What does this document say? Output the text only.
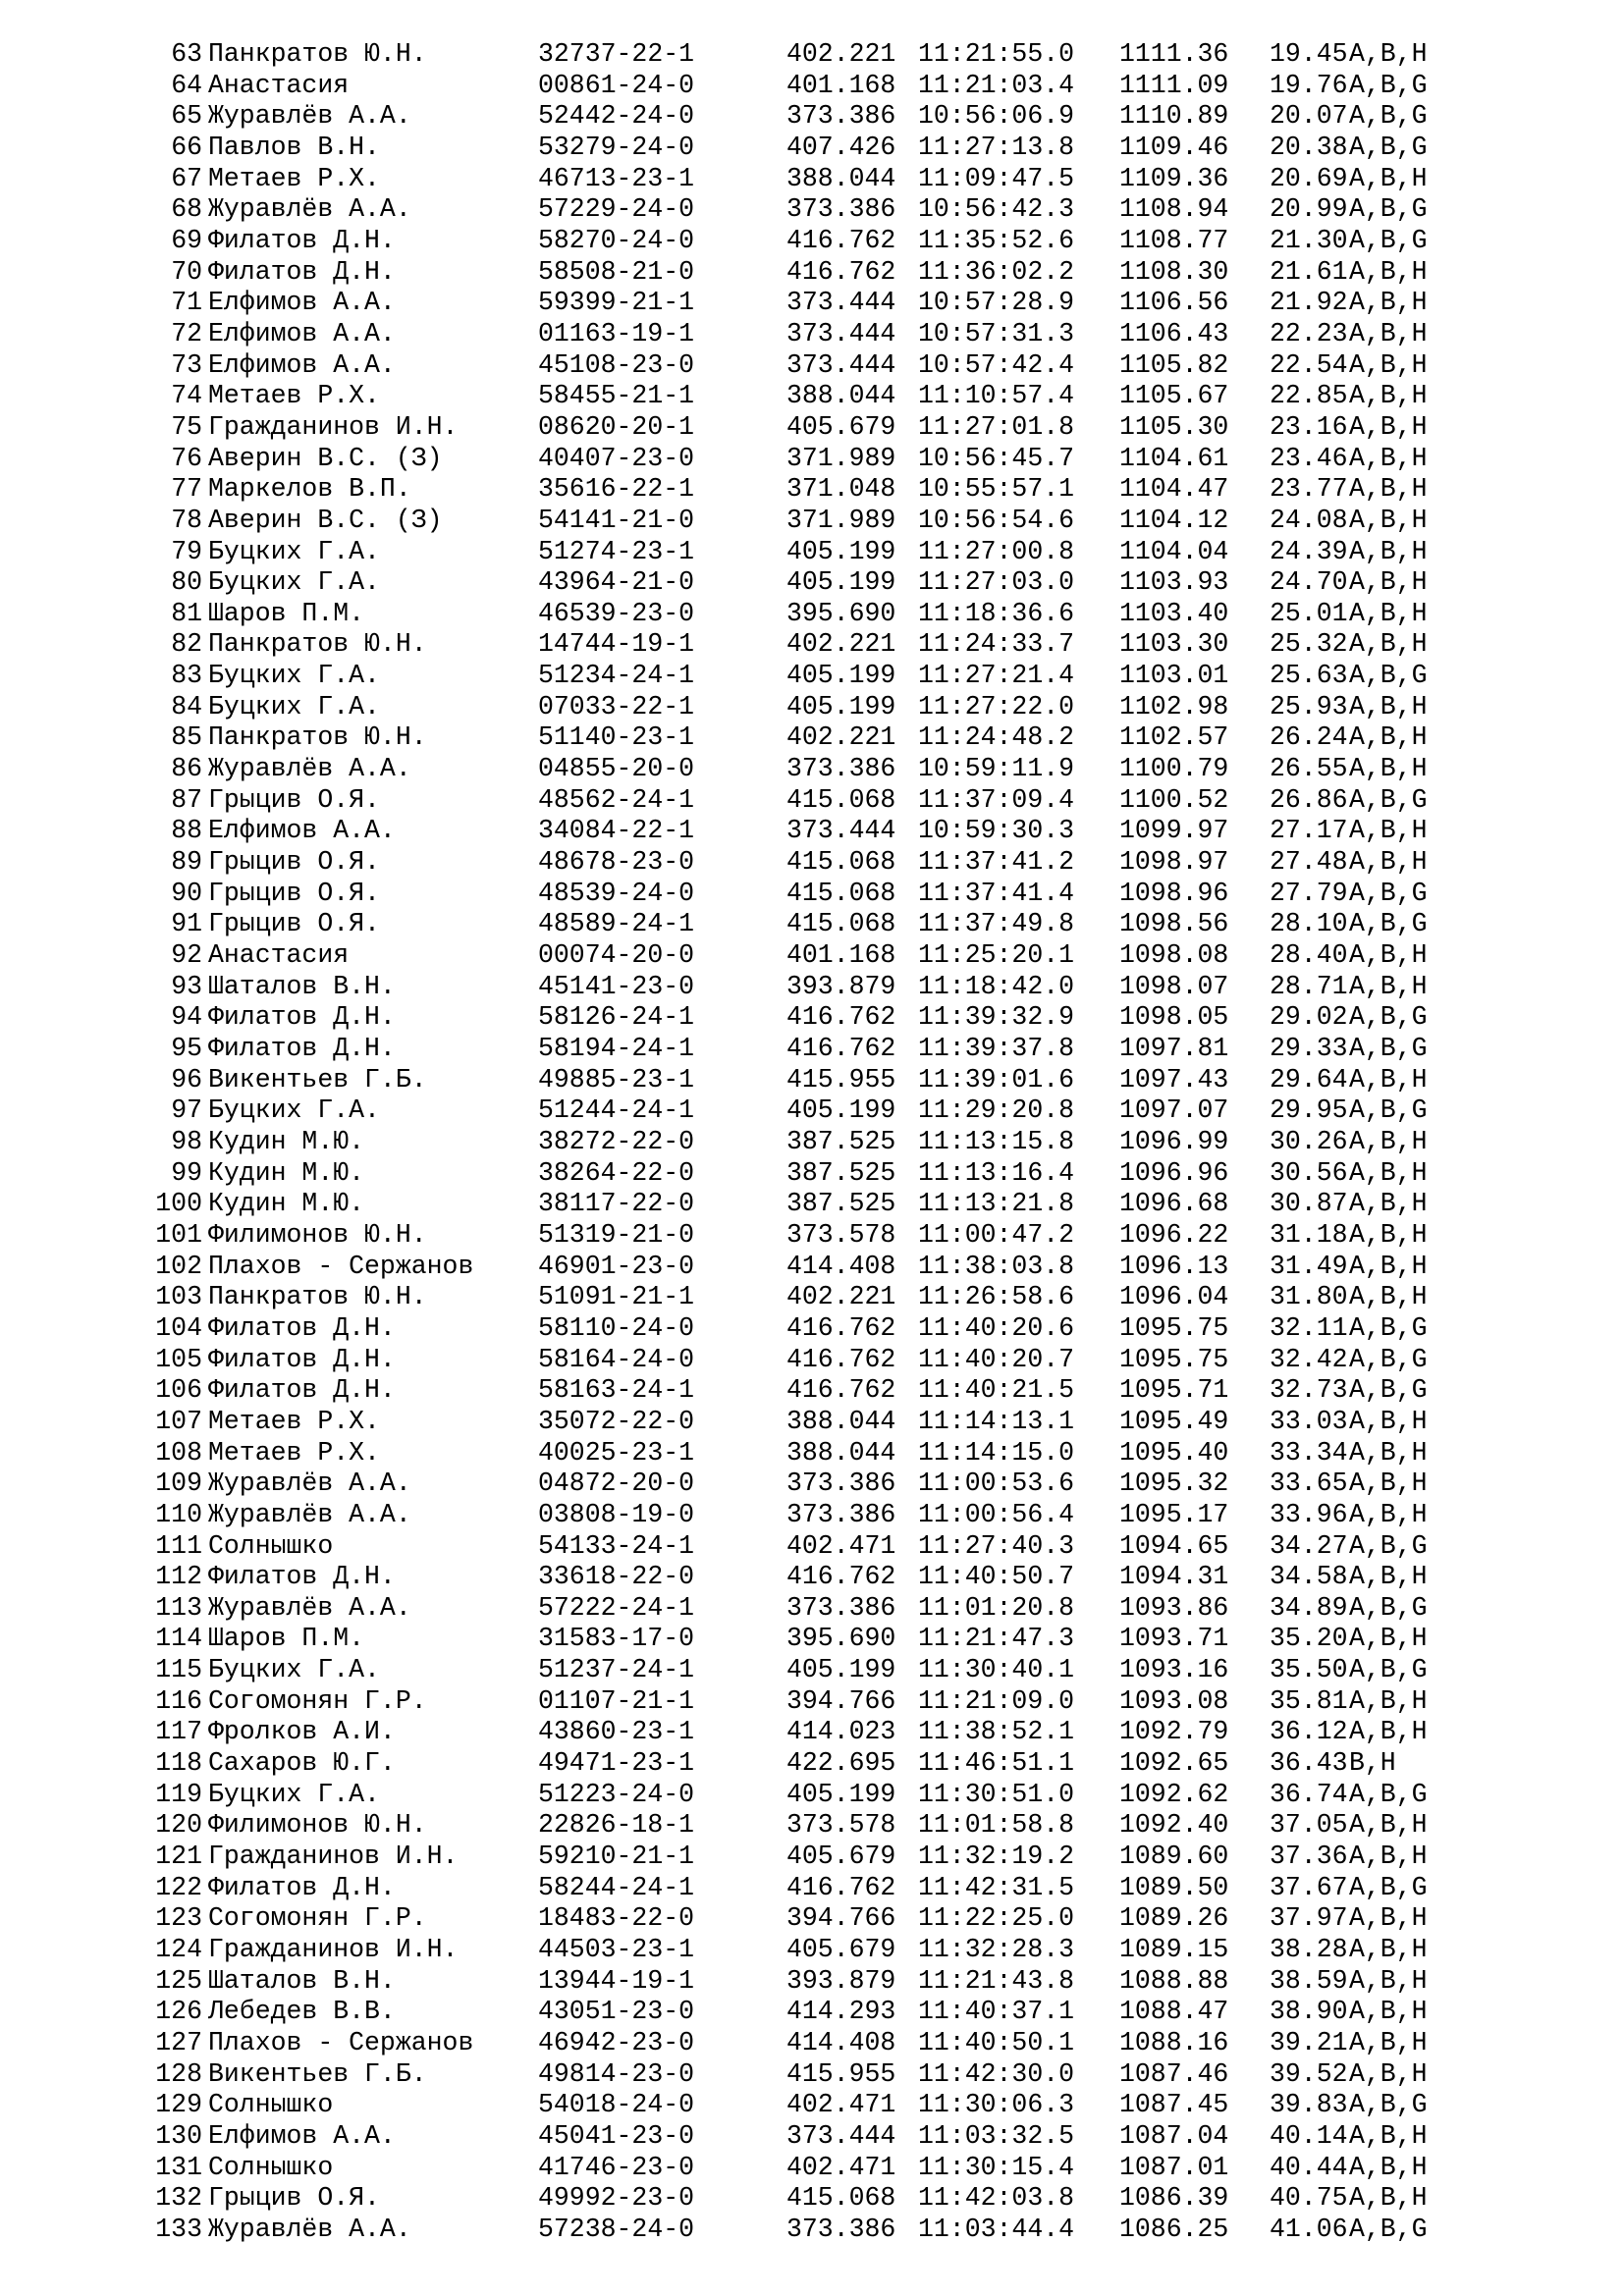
63 Панкратов Ю.Н.	32737-22-1	402.221 11:21:55.0 1111.36 19.45 A,B,H
64 Анастасия	00861-24-0	401.168 11:21:03.4 1111.09 19.76 A,B,G
65 Журавлёв А.А.	52442-24-0	373.386 10:56:06.9 1110.89 20.07 A,B,G
66 Павлов В.Н.	53279-24-0	407.426 11:27:13.8 1109.46 20.38 A,B,G
67 Метаев Р.Х.	46713-23-1	388.044 11:09:47.5 1109.36 20.69 A,B,H
68 Журавлёв А.А.	57229-24-0	373.386 10:56:42.3 1108.94 20.99 A,B,G
69 Филатов Д.Н.	58270-24-0	416.762 11:35:52.6 1108.77 21.30 A,B,G
70 Филатов Д.Н.	58508-21-0	416.762 11:36:02.2 1108.30 21.61 A,B,H
71 Елфимов А.А.	59399-21-1	373.444 10:57:28.9 1106.56 21.92 A,B,H
72 Елфимов А.А.	01163-19-1	373.444 10:57:31.3 1106.43 22.23 A,B,H
73 Елфимов А.А.	45108-23-0	373.444 10:57:42.4 1105.82 22.54 A,B,H
74 Метаев Р.Х.	58455-21-1	388.044 11:10:57.4 1105.67 22.85 A,B,H
75 Гражданинов И.Н.	08620-20-1	405.679 11:27:01.8 1105.30 23.16 A,B,H
76 Аверин В.С. (З)	40407-23-0	371.989 10:56:45.7 1104.61 23.46 A,B,H
77 Маркелов В.П.	35616-22-1	371.048 10:55:57.1 1104.47 23.77 A,B,H
78 Аверин В.С. (З)	54141-21-0	371.989 10:56:54.6 1104.12 24.08 A,B,H
79 Буцких Г.А.	51274-23-1	405.199 11:27:00.8 1104.04 24.39 A,B,H
80 Буцких Г.А.	43964-21-0	405.199 11:27:03.0 1103.93 24.70 A,B,H
81 Шаров П.М.	46539-23-0	395.690 11:18:36.6 1103.40 25.01 A,B,H
82 Панкратов Ю.Н.	14744-19-1	402.221 11:24:33.7 1103.30 25.32 A,B,H
83 Буцких Г.А.	51234-24-1	405.199 11:27:21.4 1103.01 25.63 A,B,G
84 Буцких Г.А.	07033-22-1	405.199 11:27:22.0 1102.98 25.93 A,B,H
85 Панкратов Ю.Н.	51140-23-1	402.221 11:24:48.2 1102.57 26.24 A,B,H
86 Журавлёв А.А.	04855-20-0	373.386 10:59:11.9 1100.79 26.55 A,B,H
87 Грыцив О.Я.	48562-24-1	415.068 11:37:09.4 1100.52 26.86 A,B,G
88 Елфимов А.А.	34084-22-1	373.444 10:59:30.3 1099.97 27.17 A,B,H
89 Грыцив О.Я.	48678-23-0	415.068 11:37:41.2 1098.97 27.48 A,B,H
90 Грыцив О.Я.	48539-24-0	415.068 11:37:41.4 1098.96 27.79 A,B,G
91 Грыцив О.Я.	48589-24-1	415.068 11:37:49.8 1098.56 28.10 A,B,G
92 Анастасия	00074-20-0	401.168 11:25:20.1 1098.08 28.40 A,B,H
93 Шаталов В.Н.	45141-23-0	393.879 11:18:42.0 1098.07 28.71 A,B,H
94 Филатов Д.Н.	58126-24-1	416.762 11:39:32.9 1098.05 29.02 A,B,G
95 Филатов Д.Н.	58194-24-1	416.762 11:39:37.8 1097.81 29.33 A,B,G
96 Викентьев Г.Б.	49885-23-1	415.955 11:39:01.6 1097.43 29.64 A,B,H
97 Буцких Г.А.	51244-24-1	405.199 11:29:20.8 1097.07 29.95 A,B,G
98 Кудин М.Ю.	38272-22-0	387.525 11:13:15.8 1096.99 30.26 A,B,H
99 Кудин М.Ю.	38264-22-0	387.525 11:13:16.4 1096.96 30.56 A,B,H
100 Кудин М.Ю.	38117-22-0	387.525 11:13:21.8 1096.68 30.87 A,B,H
101 Филимонов Ю.Н.	51319-21-0	373.578 11:00:47.2 1096.22 31.18 A,B,H
102 Плахов - Сержанов 46901-23-0	414.408 11:38:03.8 1096.13 31.49 A,B,H
103 Панкратов Ю.Н.	51091-21-1	402.221 11:26:58.6 1096.04 31.80 A,B,H
104 Филатов Д.Н.	58110-24-0	416.762 11:40:20.6 1095.75 32.11 A,B,G
105 Филатов Д.Н.	58164-24-0	416.762 11:40:20.7 1095.75 32.42 A,B,G
106 Филатов Д.Н.	58163-24-1	416.762 11:40:21.5 1095.71 32.73 A,B,G
107 Метаев Р.Х.	35072-22-0	388.044 11:14:13.1 1095.49 33.03 A,B,H
108 Метаев Р.Х.	40025-23-1	388.044 11:14:15.0 1095.40 33.34 A,B,H
109 Журавлёв А.А.	04872-20-0	373.386 11:00:53.6 1095.32 33.65 A,B,H
110 Журавлёв А.А.	03808-19-0	373.386 11:00:56.4 1095.17 33.96 A,B,H
111 Солнышко	54133-24-1	402.471 11:27:40.3 1094.65 34.27 A,B,G
112 Филатов Д.Н.	33618-22-0	416.762 11:40:50.7 1094.31 34.58 A,B,H
113 Журавлёв А.А.	57222-24-1	373.386 11:01:20.8 1093.86 34.89 A,B,G
114 Шаров П.М.	31583-17-0	395.690 11:21:47.3 1093.71 35.20 A,B,H
115 Буцких Г.А.	51237-24-1	405.199 11:30:40.1 1093.16 35.50 A,B,G
116 Согомонян Г.Р.	01107-21-1	394.766 11:21:09.0 1093.08 35.81 A,B,H
117 Фролков А.И.	43860-23-1	414.023 11:38:52.1 1092.79 36.12 A,B,H
118 Сахаров Ю.Г.	49471-23-1	422.695 11:46:51.1 1092.65 36.43 B,H
119 Буцких Г.А.	51223-24-0	405.199 11:30:51.0 1092.62 36.74 A,B,G
120 Филимонов Ю.Н.	22826-18-1	373.578 11:01:58.8 1092.40 37.05 A,B,H
121 Гражданинов И.Н.	59210-21-1	405.679 11:32:19.2 1089.60 37.36 A,B,H
122 Филатов Д.Н.	58244-24-1	416.762 11:42:31.5 1089.50 37.67 A,B,G
123 Согомонян Г.Р.	18483-22-0	394.766 11:22:25.0 1089.26 37.97 A,B,H
124 Гражданинов И.Н.	44503-23-1	405.679 11:32:28.3 1089.15 38.28 A,B,H
125 Шаталов В.Н.	13944-19-1	393.879 11:21:43.8 1088.88 38.59 A,B,H
126 Лебедев В.В.	43051-23-0	414.293 11:40:37.1 1088.47 38.90 A,B,H
127 Плахов - Сержанов 46942-23-0	414.408 11:40:50.1 1088.16 39.21 A,B,H
128 Викентьев Г.Б.	49814-23-0	415.955 11:42:30.0 1087.46 39.52 A,B,H
129 Солнышко	54018-24-0	402.471 11:30:06.3 1087.45 39.83 A,B,G
130 Елфимов А.А.	45041-23-0	373.444 11:03:32.5 1087.04 40.14 A,B,H
131 Солнышко	41746-23-0	402.471 11:30:15.4 1087.01 40.44 A,B,H
132 Грыцив О.Я.	49992-23-0	415.068 11:42:03.8 1086.39 40.75 A,B,H
133 Журавлёв А.А.	57238-24-0	373.386 11:03:44.4 1086.25 41.06 A,B,G
